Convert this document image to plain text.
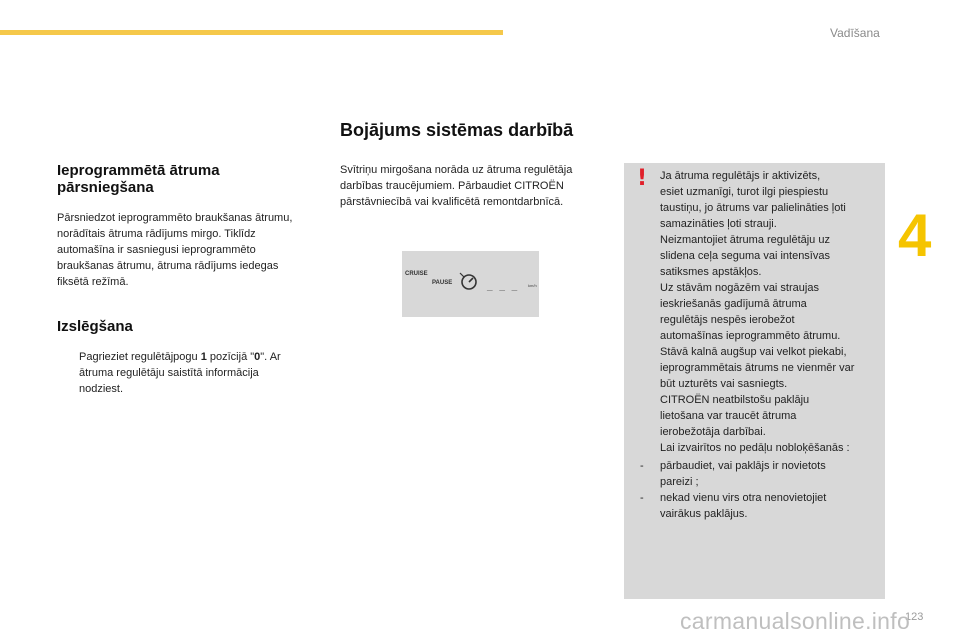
Vadīšana
4
Bojājums sistēmas darbībā
Ieprogrammētā ātruma pārsniegšana

Pārsniedzot ieprogrammēto braukšanas ātrumu, norādītais ātruma rādījums mirgo. Tiklīdz automašīna ir sasniegusi ieprogrammēto braukšanas ātrumu, ātruma rādījums iedegas fiksētā režīmā.

Izslēgšana
Pagrieziet regulētājpogu 1 pozīcijā "0". Ar ātruma regulētāju saistītā informācija nodziest.

Svītriņu mirgošana norāda uz ātruma regulētāja darbības traucējumiem. Pārbaudiet CITROËN pārstāvniecībā vai kvalificētā remontdarbnīcā.

CRUISE
PAUSE	_ _ _ km/h
! Ja ātruma regulētājs ir aktivizēts,
esiet uzmanīgi, turot ilgi piespiestu
taustiņu, jo ātrums var palielināties ļoti
samazināties ļoti strauji.
Neizmantojiet ātruma regulētāju uz
slidena ceļa seguma vai intensīvas
satiksmes apstākļos.
Uz stāvām nogāzēm vai straujas
ieskriešanās gadījumā ātruma
regulētājs nespēs ierobežot
automašīnas ieprogrammēto ātrumu.
Stāvā kalnā augšup vai velkot piekabi,
ieprogrammētais ātrums ne vienmēr var
būt uzturēts vai sasniegts.
CITROËN neatbilstošu paklāju
lietošana var traucēt ātruma
ierobežotāja darbībai.
Lai izvairītos no pedāļu nobloķēšanās :

-	pārbaudiet, vai paklājs ir novietots pareizi ;
-	nekad vienu virs otra nenovietojiet vairākus paklājus.
123
carmanualsonline.info
